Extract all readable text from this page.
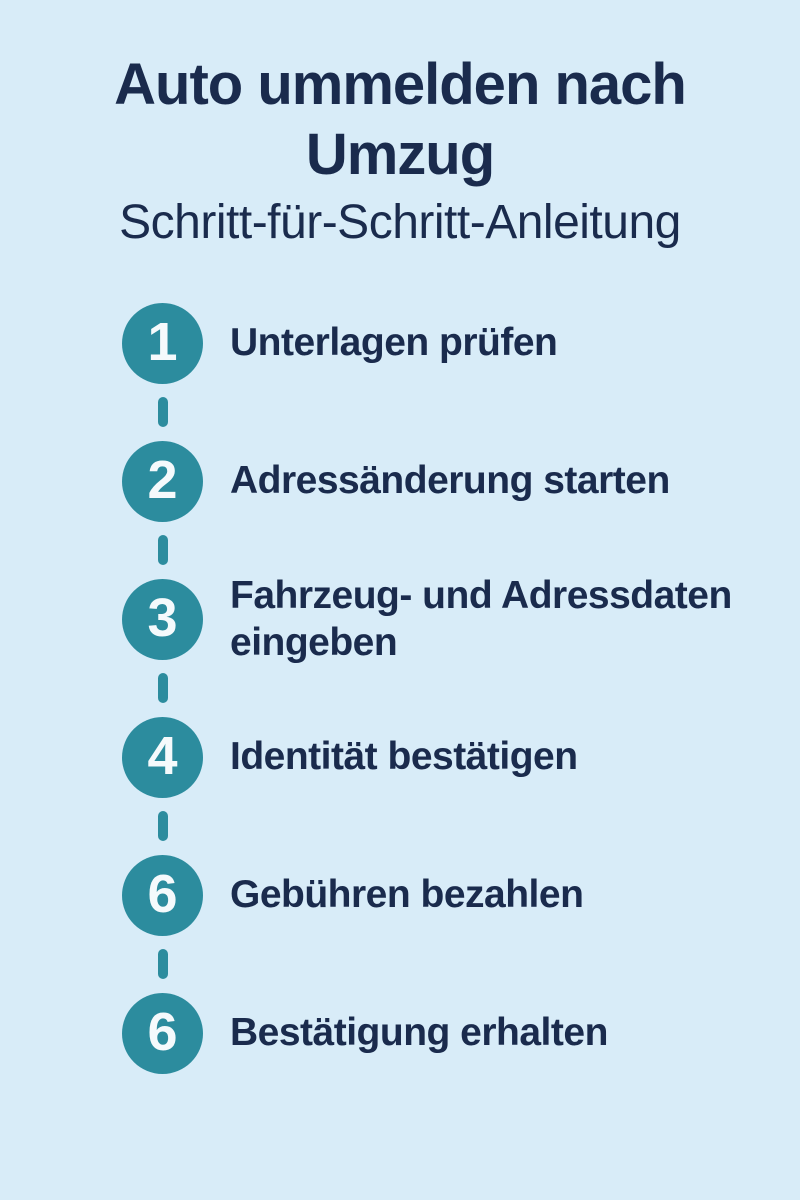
Auto ummelden nach
Umzug
Schritt-für-Schritt-Anleitung
1	Unterlagen prüfen
2	Adressänderung starten
3	Fahrzeug- und Adressdaten eingeben
4	Identität bestätigen
6	Gebühren bezahlen
6	Bestätigung erhalten
